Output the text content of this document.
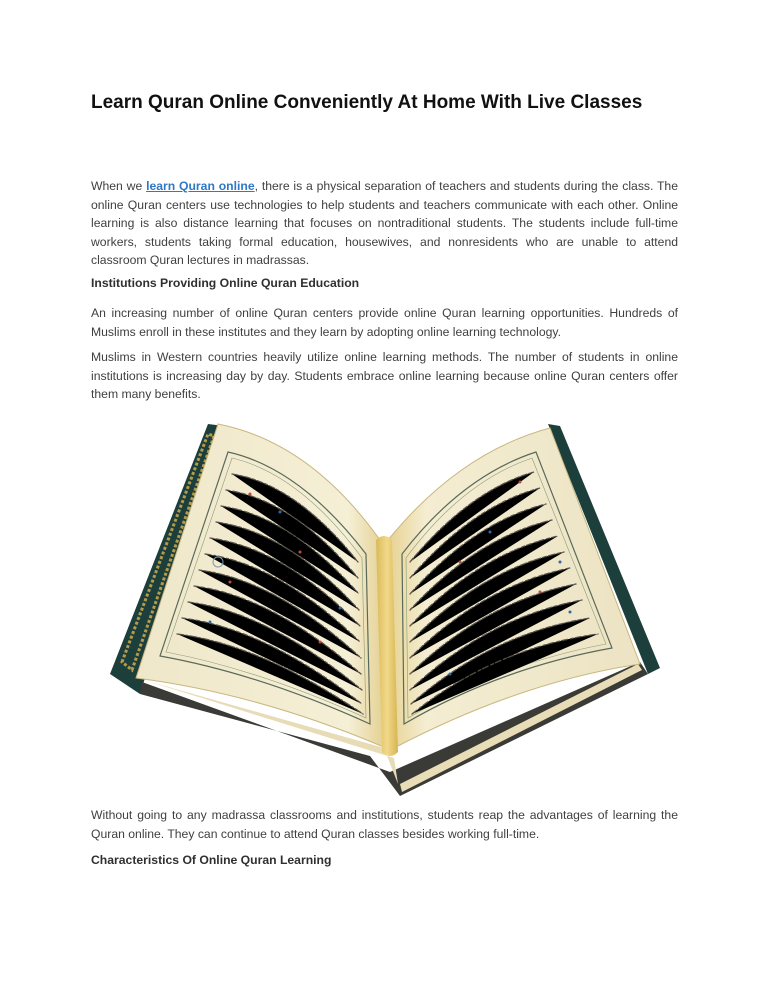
Learn Quran Online Conveniently At Home With Live Classes

When we learn Quran online, there is a physical separation of teachers and students during the class. The online Quran centers use technologies to help students and teachers communicate with each other. Online learning is also distance learning that focuses on nontraditional students. The students include full-time workers, students taking formal education, housewives, and nonresidents who are unable to attend classroom Quran lectures in madrassas.

Institutions Providing Online Quran Education

An increasing number of online Quran centers provide online Quran learning opportunities. Hundreds of Muslims enroll in these institutes and they learn by adopting online learning technology.

Muslims in Western countries heavily utilize online learning methods. The number of students in online institutions is increasing day by day. Students embrace online learning because online Quran centers offer them many benefits.

Without going to any madrassa classrooms and institutions, students reap the advantages of learning the Quran online. They can continue to attend Quran classes besides working full-time.

Characteristics Of Online Quran Learning
